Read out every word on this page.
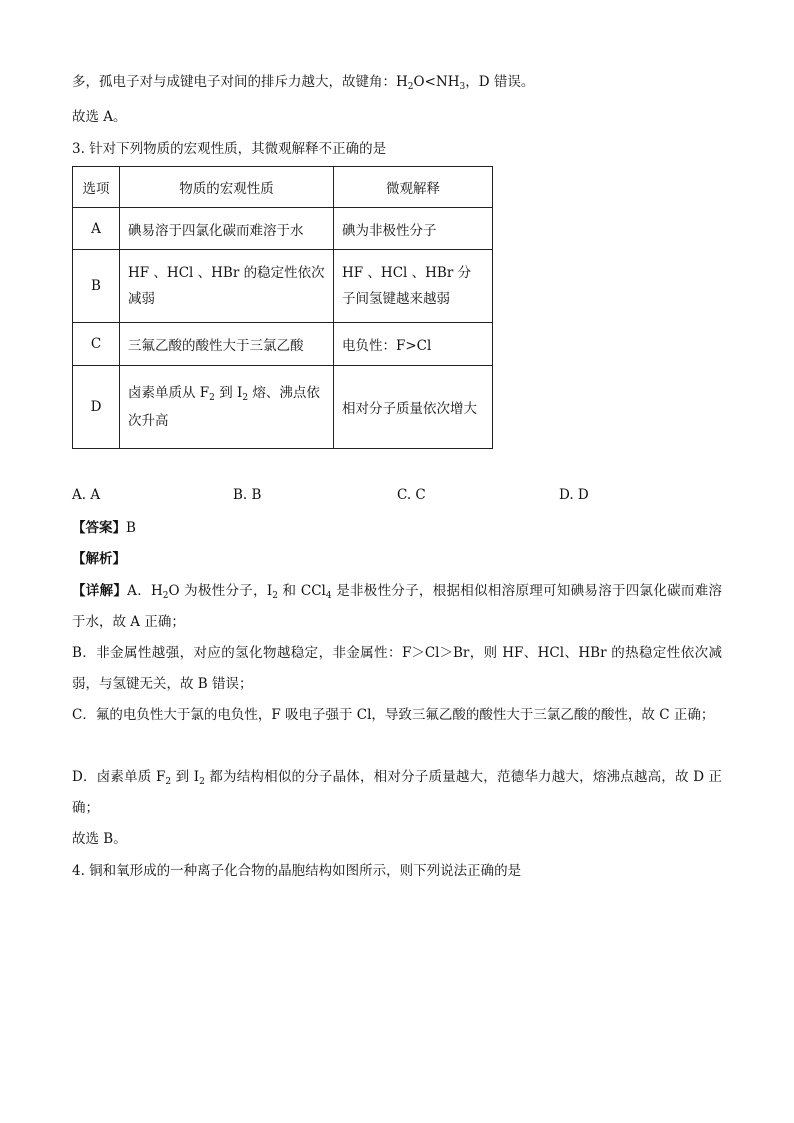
多，孤电子对与成键电子对间的排斥力越大，故键角：$H_2O<NH_3$，D 错误。
故选 A。
3. 针对下列物质的宏观性质，其微观解释不正确的是
选项	物质的宏观性质	微观解释
A	碘易溶于四氯化碳而难溶于水	碘为非极性分子
B	HF 、HCl 、HBr 的稳定性依次减弱	HF 、HCl 、HBr 分子间氢键越来越弱
C	三氟乙酸的酸性大于三氯乙酸	电负性：F>Cl
D	卤素单质从 $F_2$ 到 $I_2$ 熔、沸点依次升高	相对分子质量依次增大
A. A	B. B	C. C	D. D
【答案】B
【解析】
【详解】A．$H_2O$ 为极性分子，$I_2$ 和 CCl$_4$ 是非极性分子，根据相似相溶原理可知碘易溶于四氯化碳而难溶于水，故 A 正确；
B．非金属性越强，对应的氢化物越稳定，非金属性：F＞Cl＞Br，则 HF、HCl、HBr 的热稳定性依次减弱，与氢键无关，故 B 错误；
C．氟的电负性大于氯的电负性，F 吸电子强于 Cl，导致三氟乙酸的酸性大于三氯乙酸的酸性，故 C 正确；
D．卤素单质 $F_2$ 到 $I_2$ 都为结构相似的分子晶体，相对分子质量越大，范德华力越大，熔沸点越高，故 D 正确；
故选 B。
4. 铜和氧形成的一种离子化合物的晶胞结构如图所示，则下列说法正确的是
